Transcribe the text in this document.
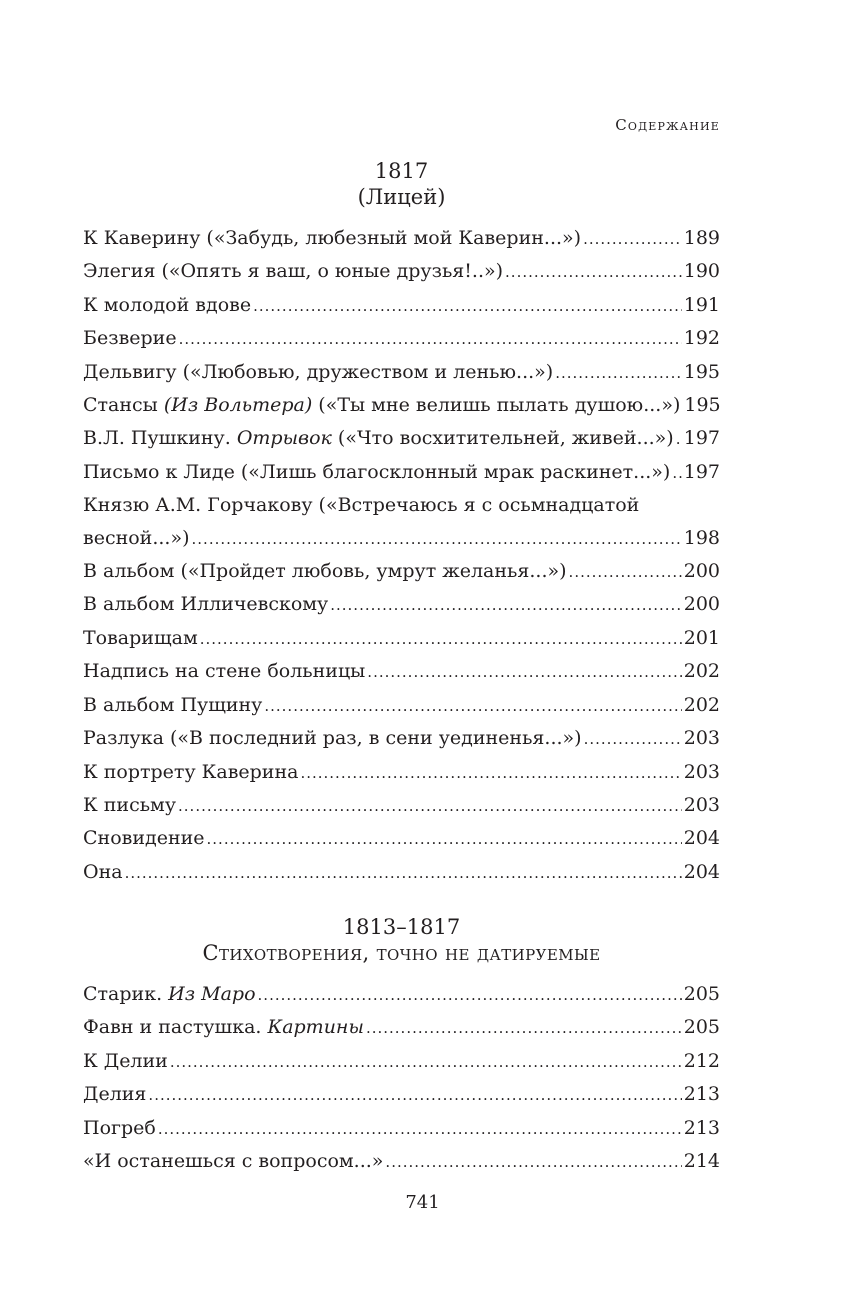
Содержание
1817
(Лицей)
К Каверину («Забудь, любезный мой Каверин...») .....	189
Элегия («Опять я ваш, о юные друзья!..») .....	190
К молодой вдове .....	191
Безверие .....	192
Дельвигу («Любовью, дружеством и ленью...») .....	195
Стансы (Из Вольтера) («Ты мне велишь пылать душою...») 195
В.Л. Пушкину. Отрывок («Что восхитительней, живей...») ..... 197
Письмо к Лиде («Лишь благосклонный мрак раскинет...») ..... 197
Князю А.М. Горчакову («Встречаюсь я с осьмнадцатой
весной...») .....	198
В альбом («Пройдет любовь, умрут желанья...») .....	200
В альбом Илличевскому .....	200
Товарищам .....	201
Надпись на стене больницы .....	202
В альбом Пущину .....	202
Разлука («В последний раз, в сени уединенья...») .....	203
К портрету Каверина .....	203
К письму .....	203
Сновидение .....	204
Она .....	204
1813–1817
Стихотворения, точно не датируемые
Старик. Из Маро .....	205
Фавн и пастушка. Картины .....	205
К Делии .....	212
Делия .....	213
Погреб .....	213
«И останешься с вопросом...» .....	214
741
